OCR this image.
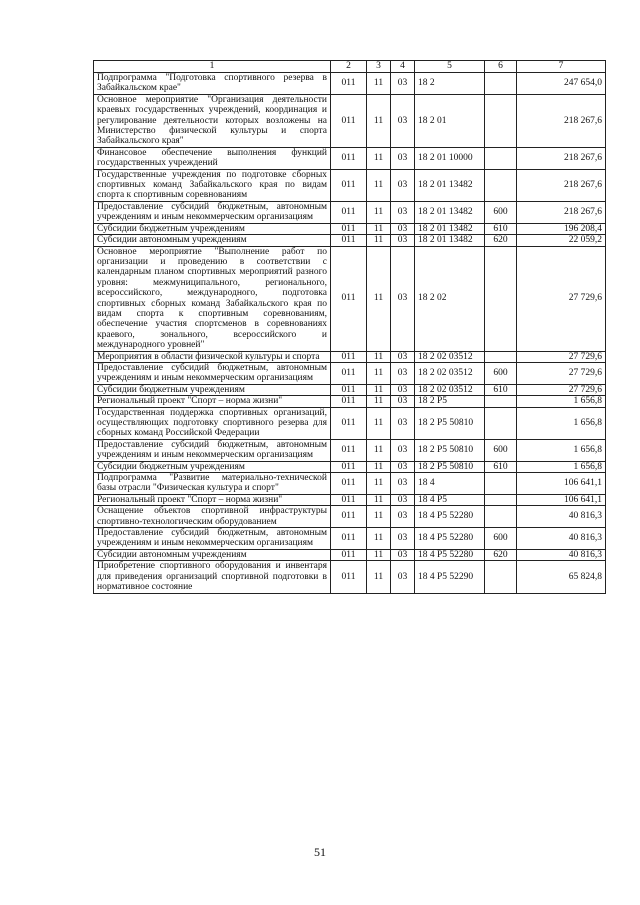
1	2	3	4	5	6	7
Подпрограмма "Подготовка спортивного резерва в Забайкальском крае"	011	11	03	18 2		247 654,0
Основное мероприятие "Организация деятельности краевых государственных учреждений, координация и регулирование деятельности которых возложены на Министерство физической культуры и спорта Забайкальского края"	011	11	03	18 2 01		218 267,6
Финансовое обеспечение выполнения функций государственных учреждений	011	11	03	18 2 01 10000		218 267,6
Государственные учреждения по подготовке сборных спортивных команд Забайкальского края по видам спорта к спортивным соревнованиям	011	11	03	18 2 01 13482		218 267,6
Предоставление субсидий бюджетным, автономным учреждениям и иным некоммерческим организациям	011	11	03	18 2 01 13482	600	218 267,6
Субсидии бюджетным учреждениям	011	11	03	18 2 01 13482	610	196 208,4
Субсидии автономным учреждениям	011	11	03	18 2 01 13482	620	22 059,2
Основное мероприятие "Выполнение работ по организации и проведению в соответствии с календарным планом спортивных мероприятий разного уровня: межмуниципального, регионального, всероссийского, международного, подготовка спортивных сборных команд Забайкальского края по видам спорта к спортивным соревнованиям, обеспечение участия спортсменов в соревнованиях краевого, зонального, всероссийского и международного уровней"	011	11	03	18 2 02		27 729,6
Мероприятия в области физической культуры и спорта	011	11	03	18 2 02 03512		27 729,6
Предоставление субсидий бюджетным, автономным учреждениям и иным некоммерческим организациям	011	11	03	18 2 02 03512	600	27 729,6
Субсидии бюджетным учреждениям	011	11	03	18 2 02 03512	610	27 729,6
Региональный проект "Спорт – норма жизни"	011	11	03	18 2 P5		1 656,8
Государственная поддержка спортивных организаций, осуществляющих подготовку спортивного резерва для сборных команд Российской Федерации	011	11	03	18 2 P5 50810		1 656,8
Предоставление субсидий бюджетным, автономным учреждениям и иным некоммерческим организациям	011	11	03	18 2 P5 50810	600	1 656,8
Субсидии бюджетным учреждениям	011	11	03	18 2 P5 50810	610	1 656,8
Подпрограмма "Развитие материально-технической базы отрасли "Физическая культура и спорт"	011	11	03	18 4		106 641,1
Региональный проект "Спорт – норма жизни"	011	11	03	18 4 P5		106 641,1
Оснащение объектов спортивной инфраструктуры спортивно-технологическим оборудованием	011	11	03	18 4 P5 52280		40 816,3
Предоставление субсидий бюджетным, автономным учреждениям и иным некоммерческим организациям	011	11	03	18 4 P5 52280	600	40 816,3
Субсидии автономным учреждениям	011	11	03	18 4 P5 52280	620	40 816,3
Приобретение спортивного оборудования и инвентаря для приведения организаций спортивной подготовки в нормативное состояние	011	11	03	18 4 P5 52290		65 824,8
51
